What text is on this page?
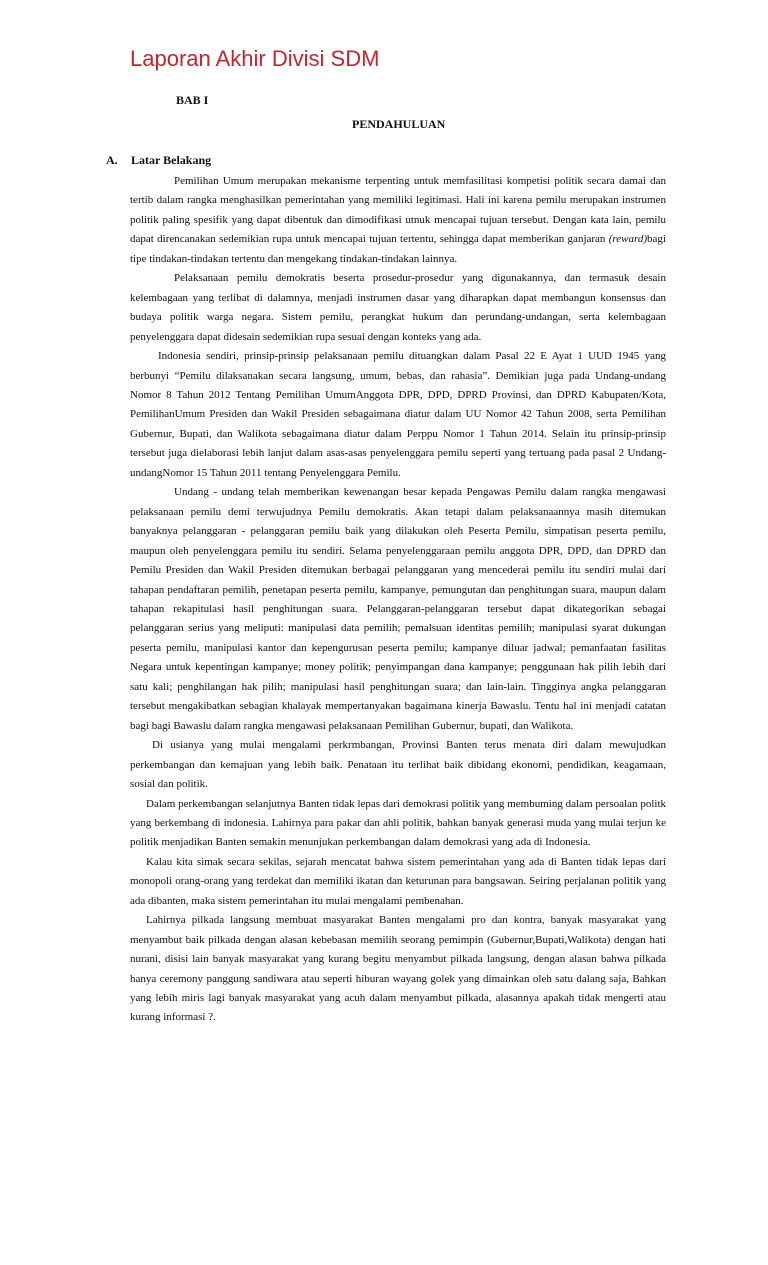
Laporan Akhir Divisi SDM
BAB I
PENDAHULUAN
A. Latar Belakang

Pemilihan Umum merupakan mekanisme terpenting untuk memfasilitasi kompetisi politik secara damai dan tertib dalam rangka menghasilkan pemerintahan yang memiliki legitimasi. Hali ini karena pemilu merupakan instrumen politik paling spesifik yang dapat dibentuk dan dimodifikasi utnuk mencapai tujuan tersebut. Dengan kata lain, pemilu dapat direncanakan sedemikian rupa untuk mencapai tujuan tertentu, sehingga dapat memberikan ganjaran (reward)bagi tipe tindakan-tindakan tertentu dan mengekang tindakan-tindakan lainnya.

Pelaksanaan pemilu demokratis beserta prosedur-prosedur yang digunakannya, dan termasuk desain kelembagaan yang terlibat di dalamnya, menjadi instrumen dasar yang diharapkan dapat membangun konsensus dan budaya politik warga negara. Sistem pemilu, perangkat hukum dan perundang-undangan, serta kelembagaan penyelenggara dapat didesain sedemikian rupa sesuai dengan konteks yang ada.

Indonesia sendiri, prinsip-prinsip pelaksanaan pemilu dituangkan dalam Pasal 22 E Ayat 1 UUD 1945 yang berbunyi “Pemilu dilaksanakan secara langsung, umum, bebas, dan rahasia”. Demikian juga pada Undang-undang Nomor 8 Tahun 2012 Tentang Pemilihan UmumAnggota DPR, DPD, DPRD Provinsi, dan DPRD Kabupaten/Kota, PemilihanUmum Presiden dan Wakil Presiden sebagaimana diatur dalam UU Nomor 42 Tahun 2008, serta Pemilihan Gubernur, Bupati, dan Walikota sebagaimana diatur dalam Perppu Nomor 1 Tahun 2014. Selain itu prinsip-prinsip tersebut juga dielaborasi lebih lanjut dalam asas-asas penyelenggara pemilu seperti yang tertuang pada pasal 2 Undang-undangNomor 15 Tahun 2011 tentang Penyelenggara Pemilu.

Undang - undang telah memberikan kewenangan besar kepada Pengawas Pemilu dalam rangka mengawasi pelaksanaan pemilu demi terwujudnya Pemilu demokratis. Akan tetapi dalam pelaksanaannya masih ditemukan banyaknya pelanggaran - pelanggaran pemilu baik yang dilakukan oleh Peserta Pemilu, simpatisan peserta pemilu, maupun oleh penyelenggara pemilu itu sendiri. Selama penyelenggaraan pemilu anggota DPR, DPD, dan DPRD dan Pemilu Presiden dan Wakil Presiden ditemukan berbagai pelanggaran yang mencederai pemilu itu sendiri mulai dari tahapan pendaftaran pemilih, penetapan peserta pemilu, kampanye, pemungutan dan penghitungan suara, maupun dalam tahapan rekapitulasi hasil penghitungan suara. Pelanggaran-pelanggaran tersebut dapat dikategorikan sebagai pelanggaran serius yang meliputi: manipulasi data pemilih; pemalsuan identitas pemilih; manipulasi syarat dukungan peserta pemilu, manipulasi kantor dan kepengurusan peserta pemilu; kampanye diluar jadwal; pemanfaatan fasilitas Negara untuk kepentingan kampanye; money politik; penyimpangan dana kampanye; penggunaan hak pilih lebih dari satu kali; penghilangan hak pilih; manipulasi hasil penghitungan suara; dan lain-lain. Tingginya angka pelanggaran tersebut mengakibatkan sebagian khalayak mempertanyakan bagaimana kinerja Bawaslu. Tentu hal ini menjadi catatan bagi bagi Bawaslu dalam rangka mengawasi pelaksanaan Pemilihan Gubernur, bupati, dan Walikota.

Di usianya yang mulai mengalami perkrmbangan, Provinsi Banten terus menata diri dalam mewujudkan perkembangan dan kemajuan yang lebih baik. Penataan itu terlihat baik dibidang ekonomi, pendidikan, keagamaan, sosial dan politik.

Dalam perkembangan selanjutnya Banten tidak lepas dari demokrasi politik yang membuming dalam persoalan politk yang berkembang di indonesia. Lahirnya para pakar dan ahli politik, bahkan banyak generasi muda yang mulai terjun ke politik menjadikan Banten semakin menunjukan perkembangan dalam demokrasi yang ada di Indonesia.

Kalau kita simak secara sekilas, sejarah mencatat bahwa sistem pemerintahan yang ada di Banten tidak lepas dari monopoli orang-orang yang terdekat dan memiliki ikatan dan keturunan para bangsawan. Seiring perjalanan politik yang ada dibanten, maka sistem pemerintahan itu mulai mengalami pembenahan.

Lahirnya pilkada langsung membuat masyarakat Banten mengalami pro dan kontra, banyak masyarakat yang menyambut baik pilkada dengan alasan kebebasan memilih seorang pemimpin (Gubernur,Bupati,Walikota) dengan hati nurani, disisi lain banyak masyarakat yang kurang begitu menyambut pilkada langsung, dengan alasan bahwa pilkada hanya ceremony panggung sandiwara atau seperti hiburan wayang golek yang dimainkan oleh satu dalang saja, Bahkan yang lebih miris lagi banyak masyarakat yang acuh dalam menyambut pilkada, alasannya apakah tidak mengerti atau kurang informasi ?.
